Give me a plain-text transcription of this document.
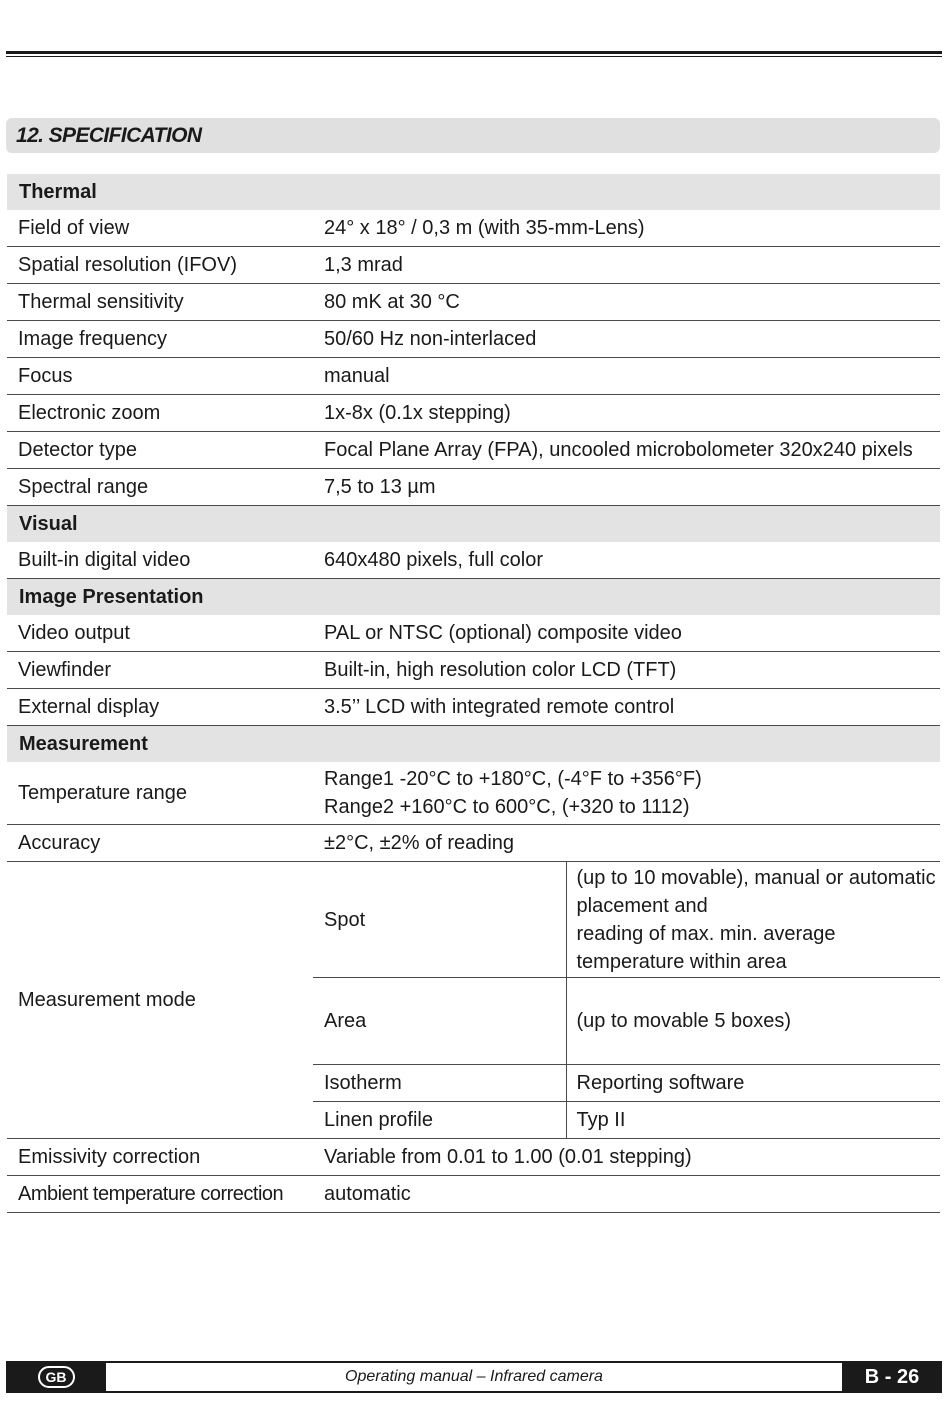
12. SPECIFICATION
Thermal		
Field of view	24° x 18° / 0,3 m (with 35-mm-Lens)	
Spatial resolution (IFOV)	1,3 mrad	
Thermal sensitivity	80 mK at 30 °C	
Image frequency	50/60 Hz non-interlaced	
Focus	manual	
Electronic zoom	1x-8x (0.1x stepping)	
Detector type	Focal Plane Array (FPA), uncooled microbolometer 320x240 pixels	
Spectral range	7,5 to 13 µm	
Visual		
Built-in digital video	640x480 pixels, full color	
Image Presentation		
Video output	PAL or NTSC (optional) composite video	
Viewfinder	Built-in, high resolution color LCD (TFT)	
External display	3.5’’ LCD with integrated remote control	
Measurement		
Temperature range	Range1 -20°C to +180°C, (-4°F to +356°F)
Range2 +160°C to 600°C, (+320 to 1112)	

Accuracy	±2°C, ±2% of reading	
Measurement mode	Spot	(up to 10 movable), manual or automatic
placement and
reading of max. min. average
temperature within area

	Area	(up to movable 5 boxes)
	Isotherm	Reporting software
	Linen profile	Typ II
Emissivity correction	Variable from 0.01 to 1.00 (0.01 stepping)	
Ambient temperature correction	automatic	
GB	Operating manual – Infrared camera	B - 26
